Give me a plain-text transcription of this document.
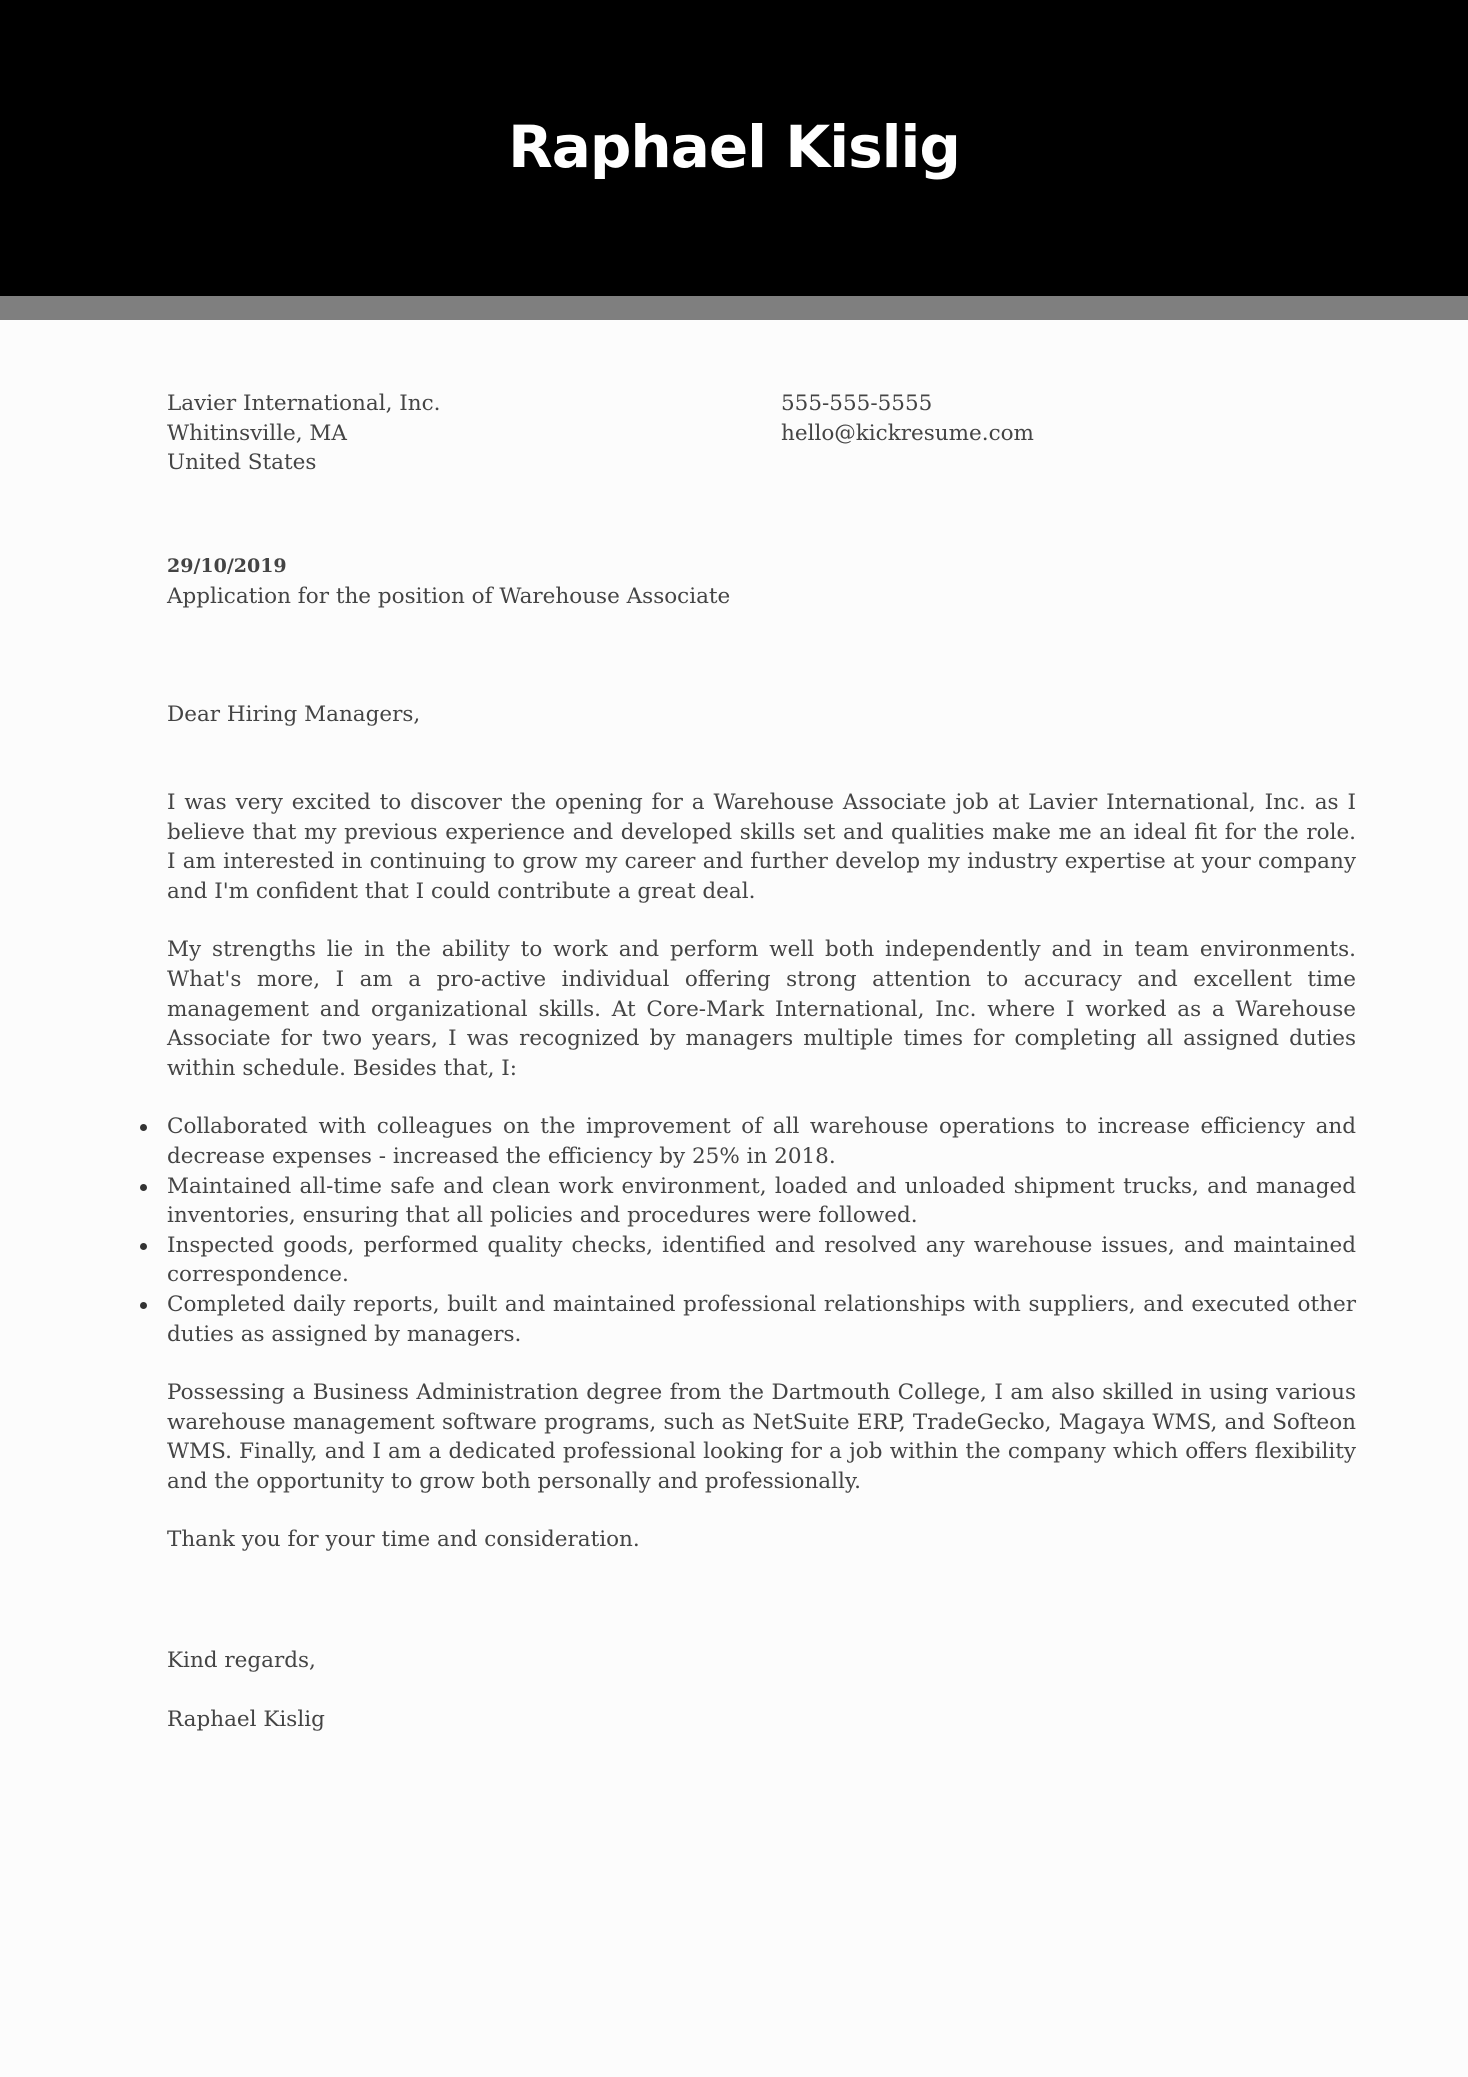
Raphael Kislig
Lavier International, Inc.
Whitinsville, MA
United States
555-555-5555
hello@kickresume.com
29/10/2019
Application for the position of Warehouse Associate
Dear Hiring Managers,

I was very excited to discover the opening for a Warehouse Associate job at Lavier International, Inc. as I believe that my previous experience and developed skills set and qualities make me an ideal fit for the role. I am interested in continuing to grow my career and further develop my industry expertise at your company and I'm confident that I could contribute a great deal.

My strengths lie in the ability to work and perform well both independently and in team environments. What's more, I am a pro-active individual offering strong attention to accuracy and excellent time management and organizational skills. At Core-Mark International, Inc. where I worked as a Warehouse Associate for two years, I was recognized by managers multiple times for completing all assigned duties within schedule. Besides that, I:

Collaborated with colleagues on the improvement of all warehouse operations to increase efficiency and decrease expenses - increased the efficiency by 25% in 2018.
Maintained all-time safe and clean work environment, loaded and unloaded shipment trucks, and managed inventories, ensuring that all policies and procedures were followed.
Inspected goods, performed quality checks, identified and resolved any warehouse issues, and maintained correspondence.
Completed daily reports, built and maintained professional relationships with suppliers, and executed other duties as assigned by managers.

Possessing a Business Administration degree from the Dartmouth College, I am also skilled in using various warehouse management software programs, such as NetSuite ERP, TradeGecko, Magaya WMS, and Softeon WMS. Finally, and I am a dedicated professional looking for a job within the company which offers flexibility and the opportunity to grow both personally and professionally.

Thank you for your time and consideration.

Kind regards,
Raphael Kislig
